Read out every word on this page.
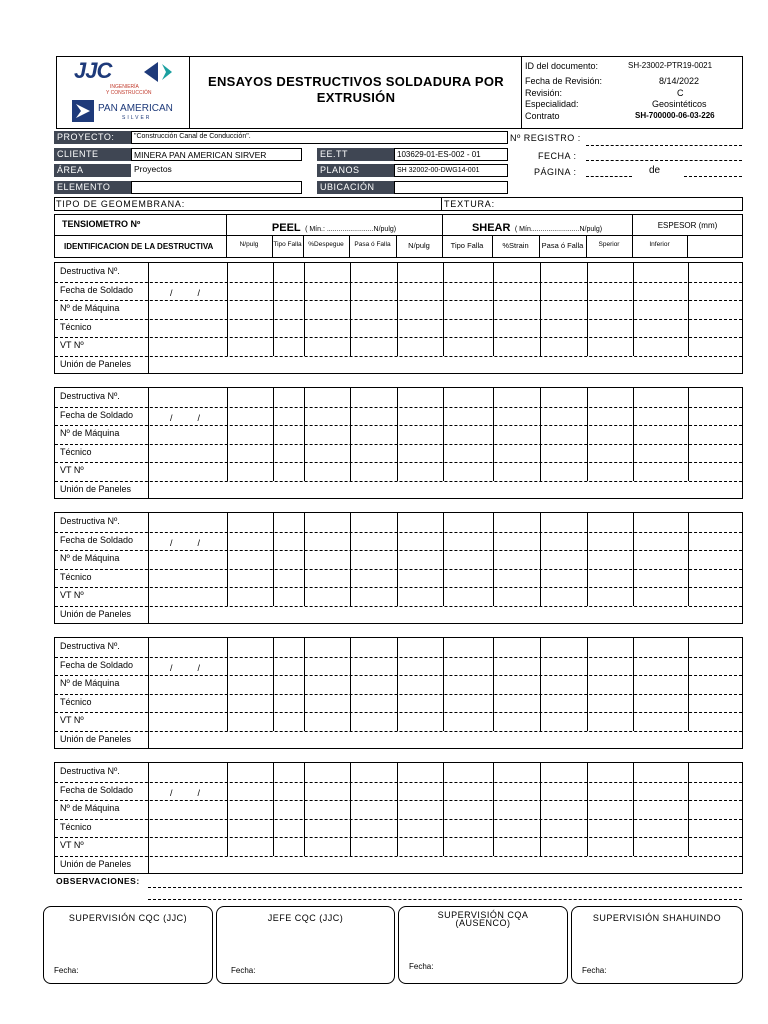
JJC
INGENIERÍA
Y CONSTRUCCIÓN
PAN AMERICAN
SILVER
ENSAYOS DESTRUCTIVOS SOLDADURA POR
EXTRUSIÓN
ID del documento:	SH-23002-PTR19-0021
Fecha de Revisión:	8/14/2022
Revisión:	C
Especialidad:	Geosintéticos
Contrato	SH-700000-06-03-226
PROYECTO:	"Construcción Canal de Conducción".	Nº REGISTRO :
CLIENTE	MINERA PAN AMERICAN SIRVER	EE.TT	103629-01-ES-002 - 01	FECHA :
ÁREA	Proyectos	PLANOS	SH 32002-00-DWG14-001	PÁGINA :	de
ELEMENTO	UBICACIÓN
TIPO DE GEOMEMBRANA:	TEXTURA:
TENSIOMETRO Nº	PEEL ( Mín.: ........................N/pulg)	SHEAR ( Mín.........................N/pulg)	ESPESOR (mm)
IDENTIFICACION DE LA DESTRUCTIVA	N/pulg	Tipo Falla	%Despegue	Pasa ó Falla	N/pulg	Tipo Falla	%Strain	Pasa ó Falla	Sperior	Inferior
Destructiva Nº.
Fecha de Soldado	/          /
Nº de Máquina
Técnico
VT Nº
Unión de Paneles
Destructiva Nº.
Fecha de Soldado	/          /
Nº de Máquina
Técnico
VT Nº
Unión de Paneles
Destructiva Nº.
Fecha de Soldado	/          /
Nº de Máquina
Técnico
VT Nº
Unión de Paneles
Destructiva Nº.
Fecha de Soldado	/          /
Nº de Máquina
Técnico
VT Nº
Unión de Paneles
Destructiva Nº.
Fecha de Soldado	/          /
Nº de Máquina
Técnico
VT Nº
Unión de Paneles
OBSERVACIONES:
SUPERVISIÓN CQC (JJC)
Fecha:
JEFE CQC (JJC)
Fecha:
SUPERVISIÓN CQA
(AUSENCO)
Fecha:
SUPERVISIÓN SHAHUINDO
Fecha:
